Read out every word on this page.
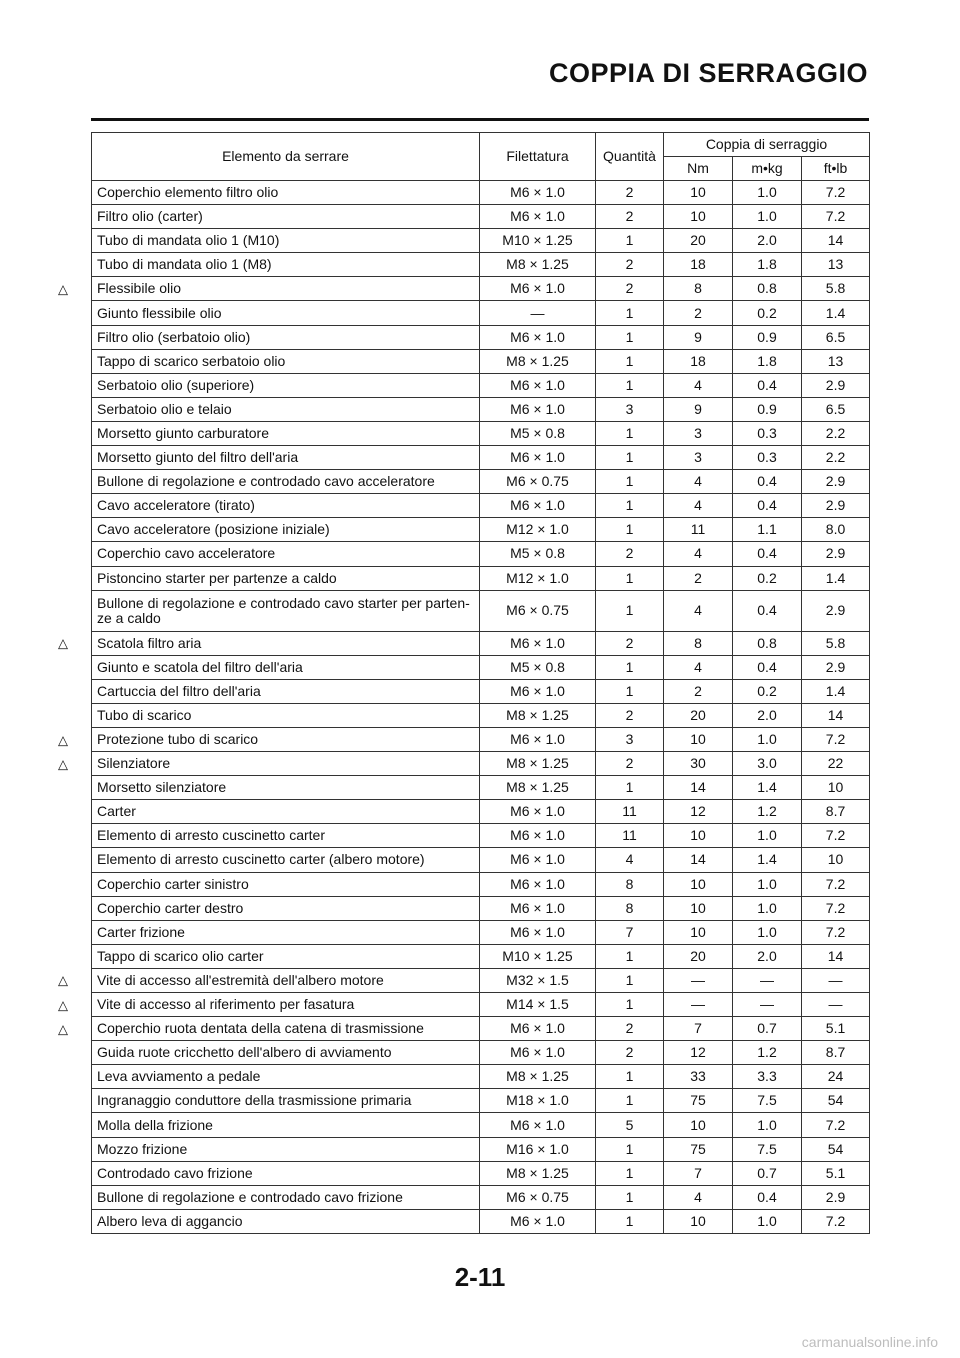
COPPIA DI SERRAGGIO
Elemento da serrare	Filettatura	Quantità	Coppia di serraggio		
			Nm	m•kg	ft•lb
Coperchio elemento filtro olio	M6 × 1.0	2	10	1.0	7.2
Filtro olio (carter)	M6 × 1.0	2	10	1.0	7.2
Tubo di mandata olio 1 (M10)	M10 × 1.25	1	20	2.0	14
Tubo di mandata olio 1 (M8)	M8 × 1.25	2	18	1.8	13

△ Flessibile olio	M6 × 1.0	2	8	0.8	5.8
Giunto flessibile olio	—	1	2	0.2	1.4
Filtro olio (serbatoio olio)	M6 × 1.0	1	9	0.9	6.5
Tappo di scarico serbatoio olio	M8 × 1.25	1	18	1.8	13
Serbatoio olio (superiore)	M6 × 1.0	1	4	0.4	2.9
Serbatoio olio e telaio	M6 × 1.0	3	9	0.9	6.5
Morsetto giunto carburatore	M5 × 0.8	1	3	0.3	2.2
Morsetto giunto del filtro dell'aria	M6 × 1.0	1	3	0.3	2.2
Bullone di regolazione e controdado cavo acceleratore	M6 × 0.75	1	4	0.4	2.9
Cavo acceleratore (tirato)	M6 × 1.0	1	4	0.4	2.9
Cavo acceleratore (posizione iniziale)	M12 × 1.0	1	11	1.1	8.0
Coperchio cavo acceleratore	M5 × 0.8	2	4	0.4	2.9
Pistoncino starter per partenze a caldo	M12 × 1.0	1	2	0.2	1.4
Bullone di regolazione e controdado cavo starter per parten-ze a caldo	M6 × 0.75	1	4	0.4	2.9

△ Scatola filtro aria	M6 × 1.0	2	8	0.8	5.8
Giunto e scatola del filtro dell'aria	M5 × 0.8	1	4	0.4	2.9
Cartuccia del filtro dell'aria	M6 × 1.0	1	2	0.2	1.4
Tubo di scarico	M8 × 1.25	2	20	2.0	14

△ Protezione tubo di scarico	M6 × 1.0	3	10	1.0	7.2

△ Silenziatore	M8 × 1.25	2	30	3.0	22
Morsetto silenziatore	M8 × 1.25	1	14	1.4	10
Carter	M6 × 1.0	11	12	1.2	8.7
Elemento di arresto cuscinetto carter	M6 × 1.0	11	10	1.0	7.2
Elemento di arresto cuscinetto carter (albero motore)	M6 × 1.0	4	14	1.4	10
Coperchio carter sinistro	M6 × 1.0	8	10	1.0	7.2
Coperchio carter destro	M6 × 1.0	8	10	1.0	7.2
Carter frizione	M6 × 1.0	7	10	1.0	7.2
Tappo di scarico olio carter	M10 × 1.25	1	20	2.0	14

△ Vite di accesso all'estremità dell'albero motore	M32 × 1.5	1	—	—	—

△ Vite di accesso al riferimento per fasatura	M14 × 1.5	1	—	—	—

△ Coperchio ruota dentata della catena di trasmissione	M6 × 1.0	2	7	0.7	5.1
Guida ruote cricchetto dell'albero di avviamento	M6 × 1.0	2	12	1.2	8.7
Leva avviamento a pedale	M8 × 1.25	1	33	3.3	24
Ingranaggio conduttore della trasmissione primaria	M18 × 1.0	1	75	7.5	54
Molla della frizione	M6 × 1.0	5	10	1.0	7.2
Mozzo frizione	M16 × 1.0	1	75	7.5	54
Controdado cavo frizione	M8 × 1.25	1	7	0.7	5.1
Bullone di regolazione e controdado cavo frizione	M6 × 0.75	1	4	0.4	2.9
Albero leva di aggancio	M6 × 1.0	1	10	1.0	7.2
2-11
carmanualsonline.info
